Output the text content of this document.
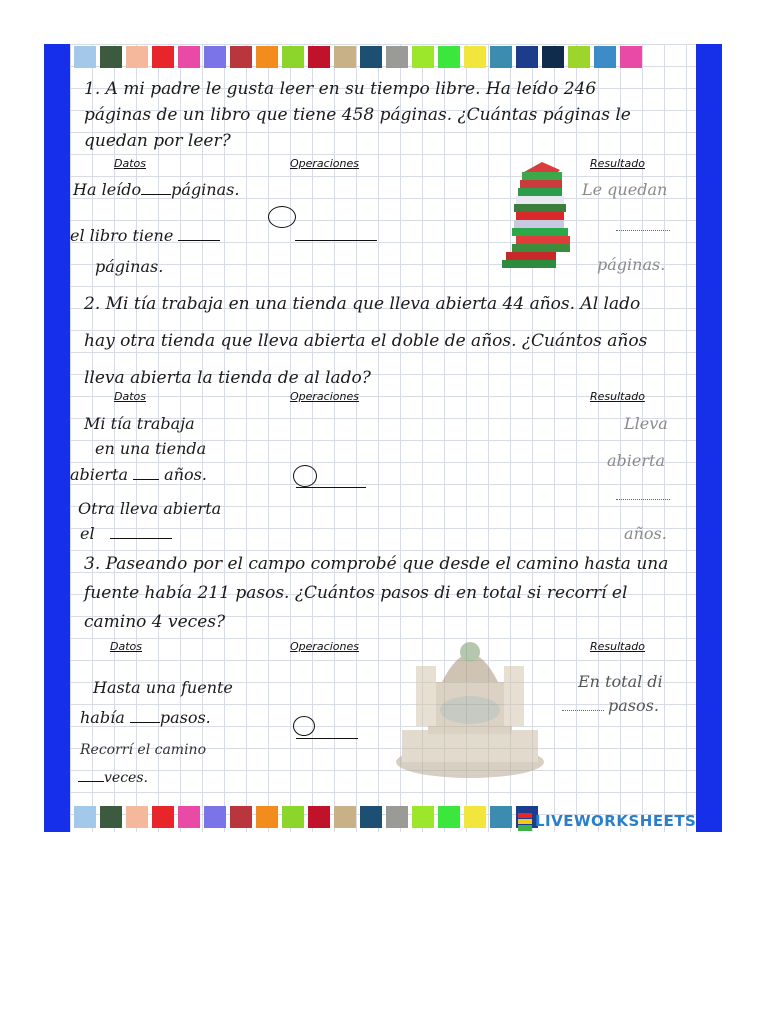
1. A mi padre le gusta leer en su tiempo libre. Ha leído 246 páginas de un libro que tiene 458 páginas. ¿Cuántas páginas le quedan por leer?
Datos	Operaciones	Resultado
Ha leído páginas.
el libro tiene
páginas.
Le quedan
páginas.
2. Mi tía trabaja en una tienda que lleva abierta 44 años. Al lado hay otra tienda que lleva abierta el doble de años. ¿Cuántos años lleva abierta la tienda de al lado?
Datos	Operaciones	Resultado
Mi tía trabaja
en una tienda
abierta años.
Otra lleva abierta
el
Lleva
abierta
años.
3. Paseando por el campo comprobé que desde el camino hasta una fuente había 211 pasos. ¿Cuántos pasos di en total si recorrí el camino 4 veces?
Datos	Operaciones	Resultado
Hasta una fuente
había pasos.
Recorrí el camino
veces.
En total di
pasos.
LIVEWORKSHEETS
